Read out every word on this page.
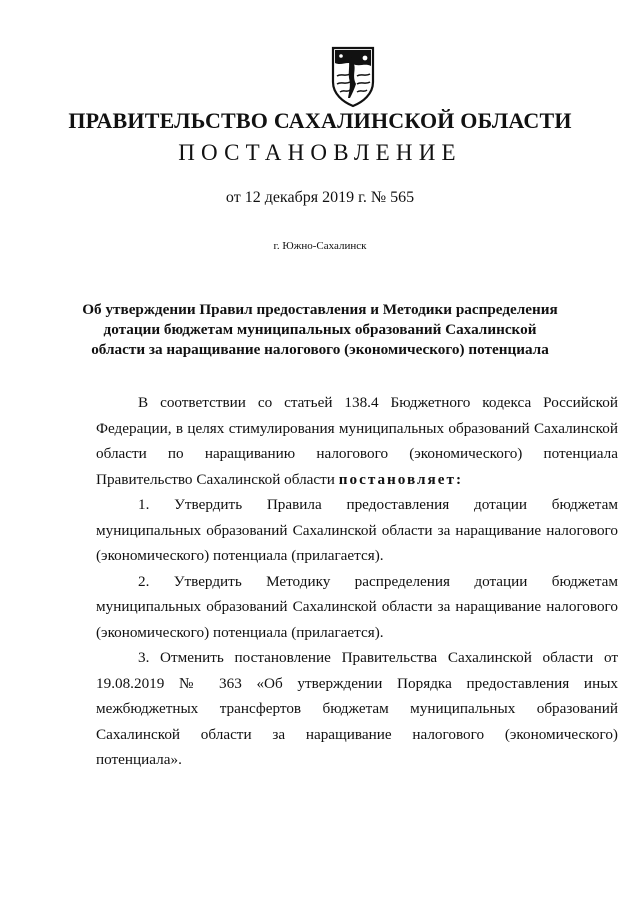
ПРАВИТЕЛЬСТВО САХАЛИНСКОЙ ОБЛАСТИ
ПОСТАНОВЛЕНИЕ
от 12 декабря 2019 г. № 565
г. Южно-Сахалинск
Об утверждении Правил предоставления и Методики распределения дотации бюджетам муниципальных образований Сахалинской области за наращивание налогового (экономического) потенциала

В соответствии со статьей 138.4 Бюджетного кодекса Российской Федерации, в целях стимулирования муниципальных образований Сахалинской области по наращиванию налогового (экономического) потенциала Правительство Сахалинской области постановляет:

1. Утвердить Правила предоставления дотации бюджетам муниципальных образований Сахалинской области за наращивание налогового (экономического) потенциала (прилагается).

2. Утвердить Методику распределения дотации бюджетам муниципальных образований Сахалинской области за наращивание налогового (экономического) потенциала (прилагается).

3. Отменить постановление Правительства Сахалинской области от 19.08.2019 № 363 «Об утверждении Порядка предоставления иных межбюджетных трансфертов бюджетам муниципальных образований Сахалинской области за наращивание налогового (экономического) потенциала».
